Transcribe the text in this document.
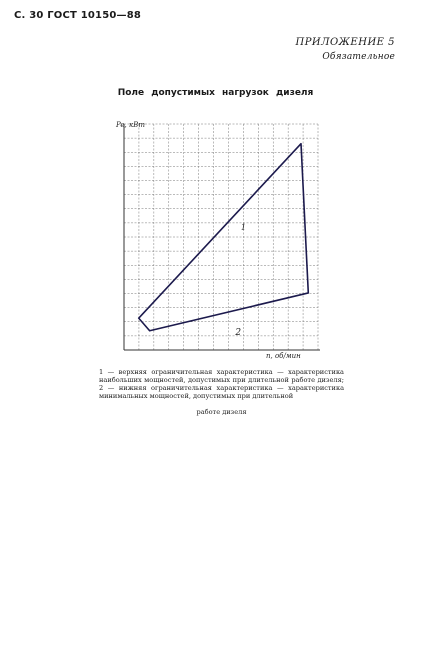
С. 30 ГОСТ 10150—88
ПРИЛОЖЕНИЕ 5
Обязательное
Поле допустимых нагрузок дизеля
Pe, кВт
n, об/мин
1
2
1 — верхняя ограничительная характеристика — характеристика наибольших мощностей, допустимых при длительной работе дизеля; 2 — нижняя ограничительная характеристика — характеристика минимальных мощностей, допустимых при длительной
работе дизеля
